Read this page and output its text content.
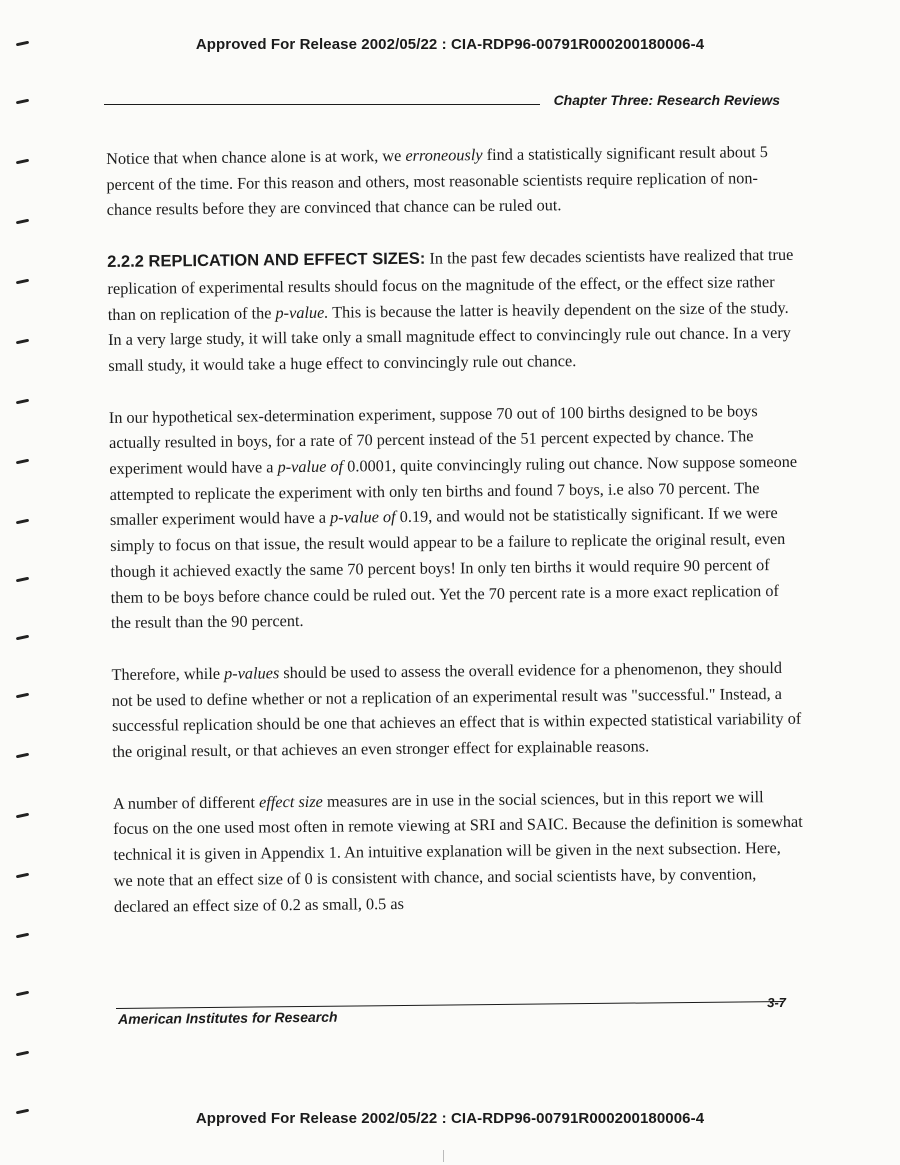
Approved For Release 2002/05/22 : CIA-RDP96-00791R000200180006-4
Chapter Three: Research Reviews

Notice that when chance alone is at work, we erroneously find a statistically significant result about 5 percent of the time. For this reason and others, most reasonable scientists require replication of non-chance results before they are convinced that chance can be ruled out.

2.2.2 REPLICATION AND EFFECT SIZES: In the past few decades scientists have realized that true replication of experimental results should focus on the magnitude of the effect, or the effect size rather than on replication of the p-value. This is because the latter is heavily dependent on the size of the study. In a very large study, it will take only a small magnitude effect to convincingly rule out chance. In a very small study, it would take a huge effect to convincingly rule out chance.

In our hypothetical sex-determination experiment, suppose 70 out of 100 births designed to be boys actually resulted in boys, for a rate of 70 percent instead of the 51 percent expected by chance. The experiment would have a p-value of 0.0001, quite convincingly ruling out chance. Now suppose someone attempted to replicate the experiment with only ten births and found 7 boys, i.e also 70 percent. The smaller experiment would have a p-value of 0.19, and would not be statistically significant. If we were simply to focus on that issue, the result would appear to be a failure to replicate the original result, even though it achieved exactly the same 70 percent boys! In only ten births it would require 90 percent of them to be boys before chance could be ruled out. Yet the 70 percent rate is a more exact replication of the result than the 90 percent.

Therefore, while p-values should be used to assess the overall evidence for a phenomenon, they should not be used to define whether or not a replication of an experimental result was "successful." Instead, a successful replication should be one that achieves an effect that is within expected statistical variability of the original result, or that achieves an even stronger effect for explainable reasons.

A number of different effect size measures are in use in the social sciences, but in this report we will focus on the one used most often in remote viewing at SRI and SAIC. Because the definition is somewhat technical it is given in Appendix 1. An intuitive explanation will be given in the next subsection. Here, we note that an effect size of 0 is consistent with chance, and social scientists have, by convention, declared an effect size of 0.2 as small, 0.5 as

American Institutes for Research
3-7
Approved For Release 2002/05/22 : CIA-RDP96-00791R000200180006-4
